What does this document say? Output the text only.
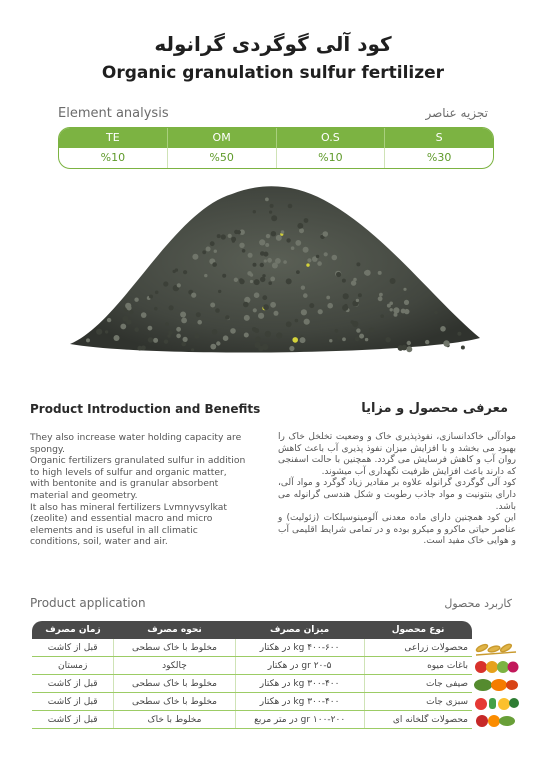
کود آلی گوگردی گرانوله
Organic granulation sulfur fertilizer
Element analysis	تجزیه عناصر
TE	OM	O.S	S
%10	%50	%10	%30
Product Introduction and Benefits	معرفی محصول و مزایا

They also increase water holding capacity are spongy.

Organic fertilizers granulated sulfur in addition to high levels of sulfur and organic matter, with bentonite and is granular absorbent material and geometry.

It also has mineral fertilizers Lvmnyvsylkat (zeolite) and essential macro and micro elements and is useful in all climatic conditions, soil, water and air.

موادآلی خاکدانسازی، نفوذپذیری خاک و وضعیت تخلخل خاک را بهبود می بخشد و با افزایش میزان نفوذ پذیری آب باعث کاهش روان آب و کاهش فرسایش می گردد. همچنین با حالت اسفنجی که دارند باعث افزایش ظرفیت نگهداری آب میشوند.

کود آلی گوگردی گرانوله علاوه بر مقادیر زیاد گوگرد و مواد آلی، دارای بنتونیت و مواد جاذب رطوبت و شکل هندسی گرانوله می باشد.

این کود همچنین دارای ماده معدنی آلومینوسیلکات (زئولیت) و عناصر حیاتی ماکرو و میکرو بوده و در تمامی شرایط اقلیمی آب و هوایی خاک مفید است.

Product application	کاربرد محصول
نوع محصول	میزان مصرف	نحوه مصرف	زمان مصرف
محصولات زراعی	۴۰۰-۶۰۰ kg در هکتار	مخلوط با خاک سطحی	قبل از کاشت
باغات میوه	۲۰-۵ gr در هکتار	چالکود	زمستان
صیفی جات	۳۰۰-۴۰۰ kg در هکتار	مخلوط با خاک سطحی	قبل از کاشت
سبزی جات	۳۰۰-۴۰۰ kg در هکتار	مخلوط با خاک سطحی	قبل از کاشت
محصولات گلخانه ای	۱۰۰-۲۰۰ gr در متر مربع	مخلوط با خاک	قبل از کاشت
